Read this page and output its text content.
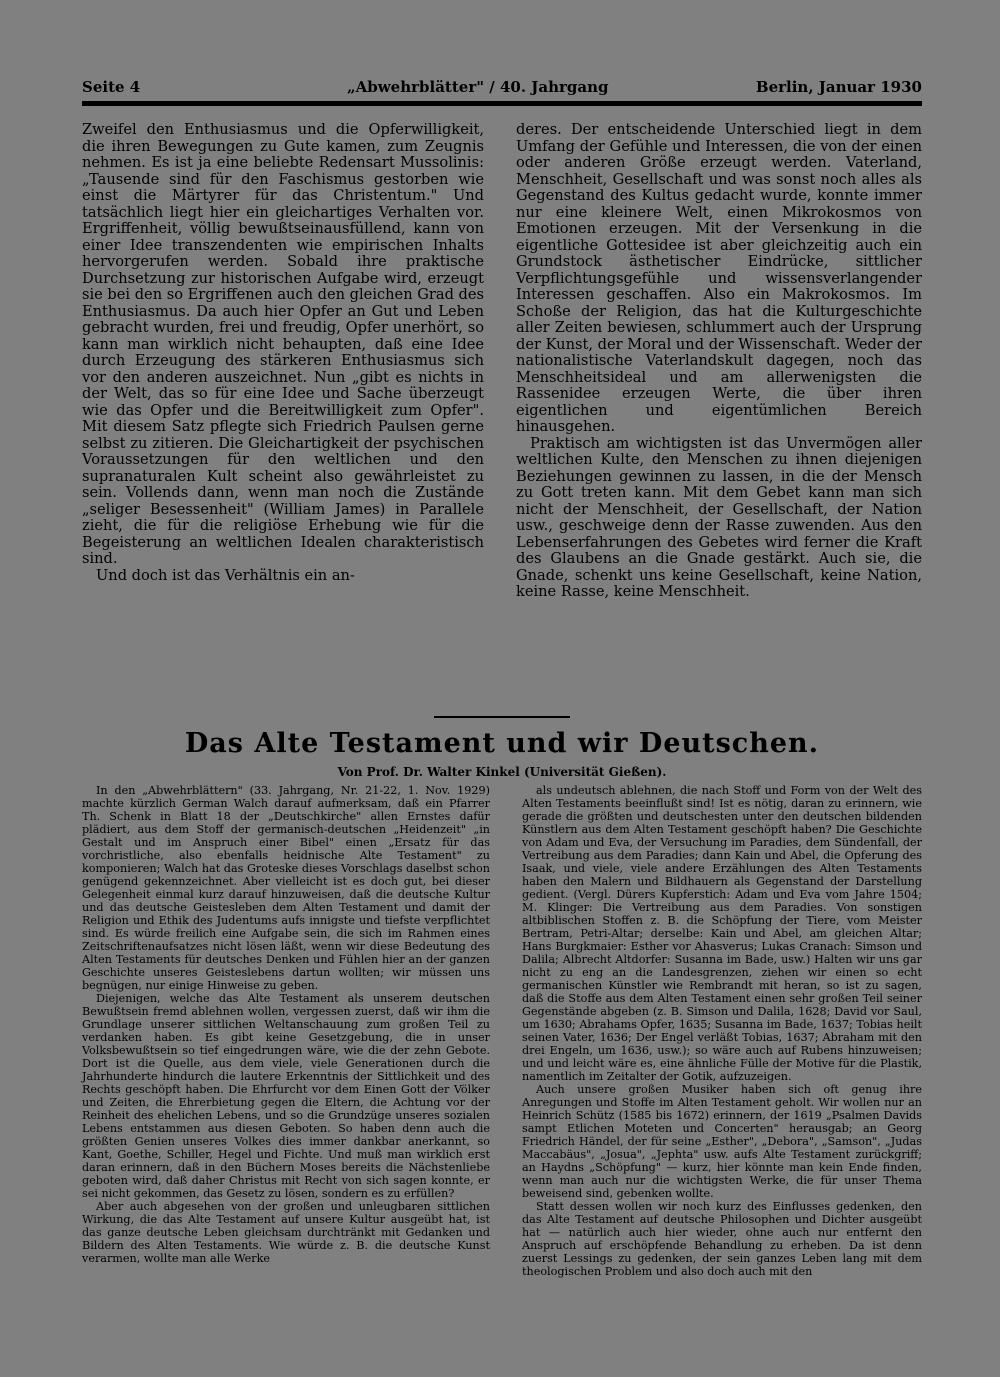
Seite 4	„Abwehrblätter" / 40. Jahrgang	Berlin, Januar 1930

Zweifel den Enthusiasmus und die Opferwilligkeit, die ihren Bewegungen zu Gute kamen, zum Zeugnis nehmen. Es ist ja eine beliebte Redensart Mussolinis: „Tausende sind für den Faschismus gestorben wie einst die Märtyrer für das Christentum." Und tatsächlich liegt hier ein gleichartiges Verhalten vor. Ergriffenheit, völlig bewußtseinausfüllend, kann von einer Idee transzendenten wie empirischen Inhalts hervorgerufen werden. Sobald ihre praktische Durchsetzung zur historischen Aufgabe wird, erzeugt sie bei den so Ergriffenen auch den gleichen Grad des Enthusiasmus. Da auch hier Opfer an Gut und Leben gebracht wurden, frei und freudig, Opfer unerhört, so kann man wirklich nicht behaupten, daß eine Idee durch Erzeugung des stärkeren Enthusiasmus sich vor den anderen auszeichnet. Nun „gibt es nichts in der Welt, das so für eine Idee und Sache überzeugt wie das Opfer und die Bereitwilligkeit zum Opfer". Mit diesem Satz pflegte sich Friedrich Paulsen gerne selbst zu zitieren. Die Gleichartigkeit der psychischen Voraussetzungen für den weltlichen und den supranaturalen Kult scheint also gewährleistet zu sein. Vollends dann, wenn man noch die Zustände „seliger Besessenheit" (William James) in Parallele zieht, die für die religiöse Erhebung wie für die Begeisterung an weltlichen Idealen charakteristisch sind.

Und doch ist das Verhältnis ein an-

deres. Der entscheidende Unterschied liegt in dem Umfang der Gefühle und Interessen, die von der einen oder anderen Größe erzeugt werden. Vaterland, Menschheit, Gesellschaft und was sonst noch alles als Gegenstand des Kultus gedacht wurde, konnte immer nur eine kleinere Welt, einen Mikrokosmos von Emotionen erzeugen. Mit der Versenkung in die eigentliche Gottesidee ist aber gleichzeitig auch ein Grundstock ästhetischer Eindrücke, sittlicher Verpflichtungsgefühle und wissensverlangender Interessen geschaffen. Also ein Makrokosmos. Im Schoße der Religion, das hat die Kulturgeschichte aller Zeiten bewiesen, schlummert auch der Ursprung der Kunst, der Moral und der Wissenschaft. Weder der nationalistische Vaterlandskult dagegen, noch das Menschheitsideal und am allerwenigsten die Rassenidee erzeugen Werte, die über ihren eigentlichen und eigentümlichen Bereich hinausgehen.

Praktisch am wichtigsten ist das Unvermögen aller weltlichen Kulte, den Menschen zu ihnen diejenigen Beziehungen gewinnen zu lassen, in die der Mensch zu Gott treten kann. Mit dem Gebet kann man sich nicht der Menschheit, der Gesellschaft, der Nation usw., geschweige denn der Rasse zuwenden. Aus den Lebenserfahrungen des Gebetes wird ferner die Kraft des Glaubens an die Gnade gestärkt. Auch sie, die Gnade, schenkt uns keine Gesellschaft, keine Nation, keine Rasse, keine Menschheit.

Das Alte Testament und wir Deutschen.
Von Prof. Dr. Walter Kinkel (Universität Gießen).

In den „Abwehrblättern" (33. Jahrgang, Nr. 21-22, 1. Nov. 1929) machte kürzlich German Walch darauf aufmerksam, daß ein Pfarrer Th. Schenk in Blatt 18 der „Deutschkirche" allen Ernstes dafür plädiert, aus dem Stoff der germanisch-deutschen „Heidenzeit" „in Gestalt und im Anspruch einer Bibel" einen „Ersatz für das vorchristliche, also ebenfalls heidnische Alte Testament" zu komponieren; Walch hat das Groteske dieses Vorschlags daselbst schon genügend gekennzeichnet. Aber vielleicht ist es doch gut, bei dieser Gelegenheit einmal kurz darauf hinzuweisen, daß die deutsche Kultur und das deutsche Geistesleben dem Alten Testament und damit der Religion und Ethik des Judentums aufs innigste und tiefste verpflichtet sind. Es würde freilich eine Aufgabe sein, die sich im Rahmen eines Zeitschriftenaufsatzes nicht lösen läßt, wenn wir diese Bedeutung des Alten Testaments für deutsches Denken und Fühlen hier an der ganzen Geschichte unseres Geisteslebens dartun wollten; wir müssen uns begnügen, nur einige Hinweise zu geben.

Diejenigen, welche das Alte Testament als unserem deutschen Bewußtsein fremd ablehnen wollen, vergessen zuerst, daß wir ihm die Grundlage unserer sittlichen Weltanschauung zum großen Teil zu verdanken haben. Es gibt keine Gesetzgebung, die in unser Volksbewußtsein so tief eingedrungen wäre, wie die der zehn Gebote. Dort ist die Quelle, aus dem viele, viele Generationen durch die Jahrhunderte hindurch die lautere Erkenntnis der Sittlichkeit und des Rechts geschöpft haben. Die Ehrfurcht vor dem Einen Gott der Völker und Zeiten, die Ehrerbietung gegen die Eltern, die Achtung vor der Reinheit des ehelichen Lebens, und so die Grundzüge unseres sozialen Lebens entstammen aus diesen Geboten. So haben denn auch die größten Genien unseres Volkes dies immer dankbar anerkannt, so Kant, Goethe, Schiller, Hegel und Fichte. Und muß man wirklich erst daran erinnern, daß in den Büchern Moses bereits die Nächstenliebe geboten wird, daß daher Christus mit Recht von sich sagen konnte, er sei nicht gekommen, das Gesetz zu lösen, sondern es zu erfüllen?

Aber auch abgesehen von der großen und unleugbaren sittlichen Wirkung, die das Alte Testament auf unsere Kultur ausgeübt hat, ist das ganze deutsche Leben gleichsam durchtränkt mit Gedanken und Bildern des Alten Testaments. Wie würde z. B. die deutsche Kunst verarmen, wollte man alle Werke

als undeutsch ablehnen, die nach Stoff und Form von der Welt des Alten Testaments beeinflußt sind! Ist es nötig, daran zu erinnern, wie gerade die größten und deutschesten unter den deutschen bildenden Künstlern aus dem Alten Testament geschöpft haben? Die Geschichte von Adam und Eva, der Versuchung im Paradies, dem Sündenfall, der Vertreibung aus dem Paradies; dann Kain und Abel, die Opferung des Isaak, und viele, viele andere Erzählungen des Alten Testaments haben den Malern und Bildhauern als Gegenstand der Darstellung gedient. (Vergl. Dürers Kupferstich: Adam und Eva vom Jahre 1504; M. Klinger: Die Vertreibung aus dem Paradies. Von sonstigen altbiblischen Stoffen z. B. die Schöpfung der Tiere, vom Meister Bertram, Petri-Altar; derselbe: Kain und Abel, am gleichen Altar; Hans Burgkmaier: Esther vor Ahasverus; Lukas Cranach: Simson und Dalila; Albrecht Altdorfer: Susanna im Bade, usw.) Halten wir uns gar nicht zu eng an die Landesgrenzen, ziehen wir einen so echt germanischen Künstler wie Rembrandt mit heran, so ist zu sagen, daß die Stoffe aus dem Alten Testament einen sehr großen Teil seiner Gegenstände abgeben (z. B. Simson und Dalila, 1628; David vor Saul, um 1630; Abrahams Opfer, 1635; Susanna im Bade, 1637; Tobias heilt seinen Vater, 1636; Der Engel verläßt Tobias, 1637; Abraham mit den drei Engeln, um 1636, usw.); so wäre auch auf Rubens hinzuweisen; und und leicht wäre es, eine ähnliche Fülle der Motive für die Plastik, namentlich im Zeitalter der Gotik, aufzuzeigen.

Auch unsere großen Musiker haben sich oft genug ihre Anregungen und Stoffe im Alten Testament geholt. Wir wollen nur an Heinrich Schütz (1585 bis 1672) erinnern, der 1619 „Psalmen Davids sampt Etlichen Moteten und Concerten" herausgab; an Georg Friedrich Händel, der für seine „Esther", „Debora", „Samson", „Judas Maccabäus", „Josua", „Jephta" usw. aufs Alte Testament zurückgriff; an Haydns „Schöpfung" — kurz, hier könnte man kein Ende finden, wenn man auch nur die wichtigsten Werke, die für unser Thema beweisend sind, gebenken wollte.

Statt dessen wollen wir noch kurz des Einflusses gedenken, den das Alte Testament auf deutsche Philosophen und Dichter ausgeübt hat — natürlich auch hier wieder, ohne auch nur entfernt den Anspruch auf erschöpfende Behandlung zu erheben. Da ist denn zuerst Lessings zu gedenken, der sein ganzes Leben lang mit dem theologischen Problem und also doch auch mit den
